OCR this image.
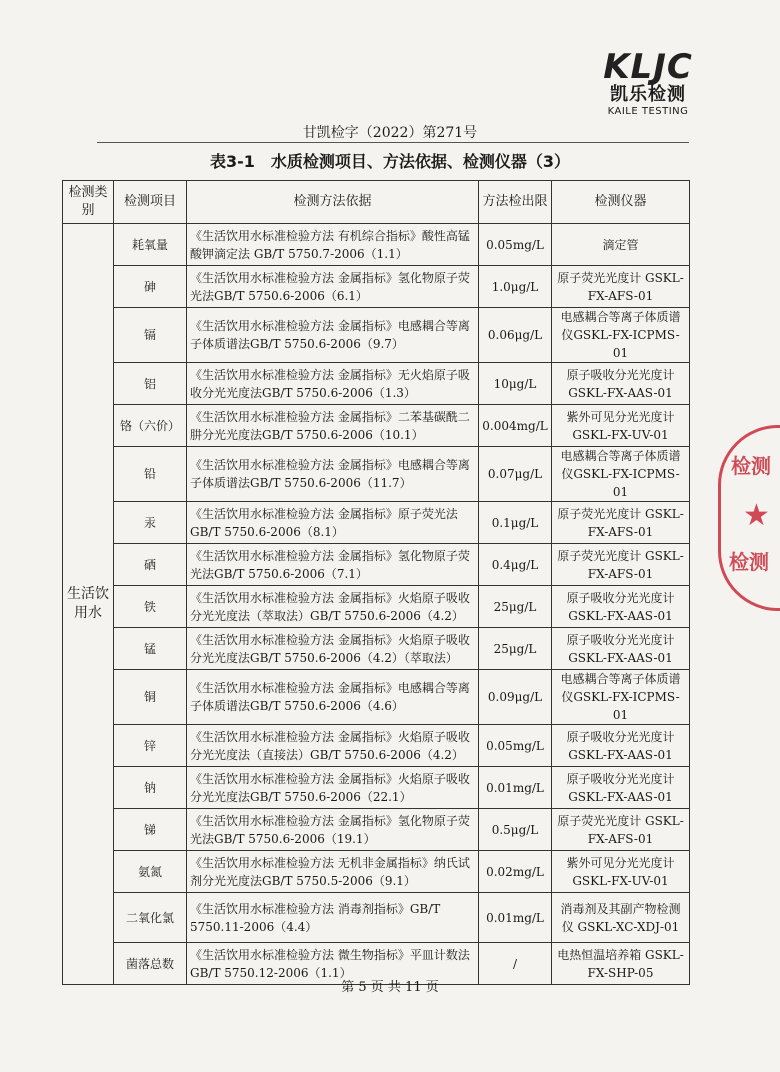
KLJC
凯乐检测
KAILE TESTING
甘凯检字（2022）第271号
表3-1　水质检测项目、方法依据、检测仪器（3）
检测类别	检测项目	检测方法依据	方法检出限	检测仪器
生活饮用水	耗氧量	《生活饮用水标准检验方法 有机综合指标》酸性高锰酸钾滴定法 GB/T 5750.7-2006（1.1）	0.05mg/L	滴定管
	砷	《生活饮用水标准检验方法 金属指标》氢化物原子荧光法GB/T 5750.6-2006（6.1）	1.0μg/L	原子荧光光度计 GSKL-FX-AFS-01
	镉	《生活饮用水标准检验方法 金属指标》电感耦合等离子体质谱法GB/T 5750.6-2006（9.7）	0.06μg/L	电感耦合等离子体质谱仪GSKL-FX-ICPMS-01
	铝	《生活饮用水标准检验方法 金属指标》无火焰原子吸收分光光度法GB/T 5750.6-2006（1.3）	10μg/L	原子吸收分光光度计 GSKL-FX-AAS-01
	铬（六价）	《生活饮用水标准检验方法 金属指标》二苯基碳酰二肼分光光度法GB/T 5750.6-2006（10.1）	0.004mg/L	紫外可见分光光度计 GSKL-FX-UV-01
	铅	《生活饮用水标准检验方法 金属指标》电感耦合等离子体质谱法GB/T 5750.6-2006（11.7）	0.07μg/L	电感耦合等离子体质谱仪GSKL-FX-ICPMS-01
	汞	《生活饮用水标准检验方法 金属指标》原子荧光法 GB/T 5750.6-2006（8.1）	0.1μg/L	原子荧光光度计 GSKL-FX-AFS-01
	硒	《生活饮用水标准检验方法 金属指标》氢化物原子荧光法GB/T 5750.6-2006（7.1）	0.4μg/L	原子荧光光度计 GSKL-FX-AFS-01
	铁	《生活饮用水标准检验方法 金属指标》火焰原子吸收分光光度法（萃取法）GB/T 5750.6-2006（4.2）	25μg/L	原子吸收分光光度计 GSKL-FX-AAS-01
	锰	《生活饮用水标准检验方法 金属指标》火焰原子吸收分光光度法GB/T 5750.6-2006（4.2）（萃取法）	25μg/L	原子吸收分光光度计 GSKL-FX-AAS-01
	铜	《生活饮用水标准检验方法 金属指标》电感耦合等离子体质谱法GB/T 5750.6-2006（4.6）	0.09μg/L	电感耦合等离子体质谱仪GSKL-FX-ICPMS-01
	锌	《生活饮用水标准检验方法 金属指标》火焰原子吸收分光光度法（直接法）GB/T 5750.6-2006（4.2）	0.05mg/L	原子吸收分光光度计 GSKL-FX-AAS-01
	钠	《生活饮用水标准检验方法 金属指标》火焰原子吸收分光光度法GB/T 5750.6-2006（22.1）	0.01mg/L	原子吸收分光光度计 GSKL-FX-AAS-01
	锑	《生活饮用水标准检验方法 金属指标》氢化物原子荧光法GB/T 5750.6-2006（19.1）	0.5μg/L	原子荧光光度计 GSKL-FX-AFS-01
	氨氮	《生活饮用水标准检验方法 无机非金属指标》纳氏试剂分光光度法GB/T 5750.5-2006（9.1）	0.02mg/L	紫外可见分光光度计 GSKL-FX-UV-01
	二氧化氯	《生活饮用水标准检验方法 消毒剂指标》GB/T 5750.11-2006（4.4）	0.01mg/L	消毒剂及其副产物检测仪 GSKL-XC-XDJ-01
	菌落总数	《生活饮用水标准检验方法 微生物指标》平皿计数法GB/T 5750.12-2006（1.1）	/	电热恒温培养箱 GSKL-FX-SHP-05
第 5 页 共 11 页
检测
★
检测
